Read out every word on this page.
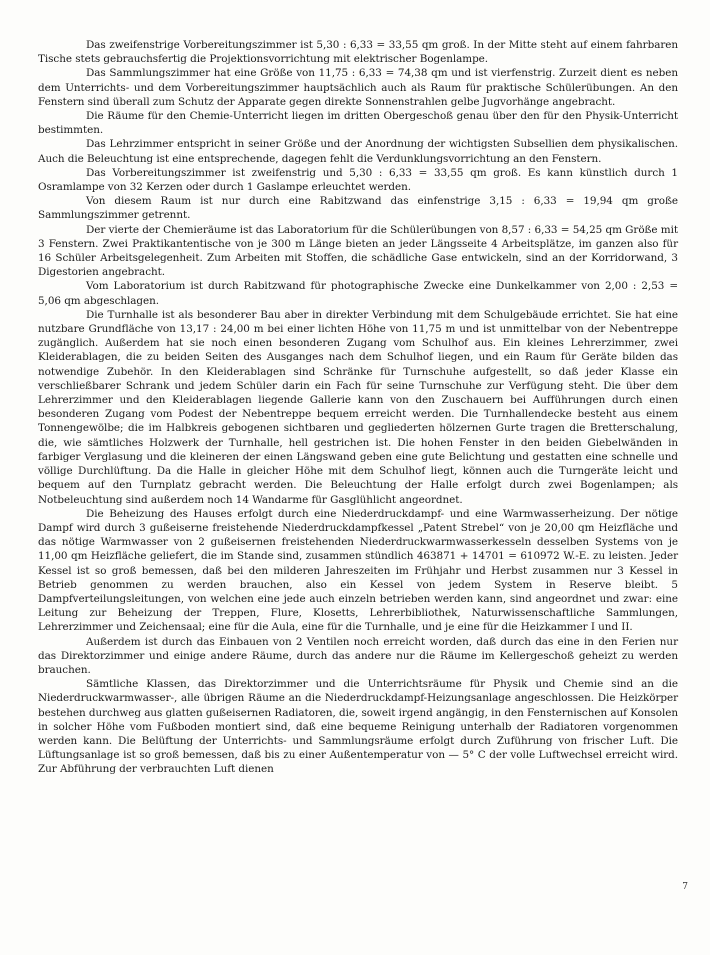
Das zweifenstrige Vorbereitungszimmer ist 5,30 : 6,33 = 33,55 qm groß. In der Mitte steht auf einem fahrbaren Tische stets gebrauchsfertig die Projektionsvorrichtung mit elektrischer Bogenlampe.

Das Sammlungszimmer hat eine Größe von 11,75 : 6,33 = 74,38 qm und ist vierfenstrig. Zurzeit dient es neben dem Unterrichts- und dem Vorbereitungszimmer hauptsächlich auch als Raum für praktische Schülerübungen. An den Fenstern sind überall zum Schutz der Apparate gegen direkte Sonnenstrahlen gelbe Jugvorhänge angebracht.

Die Räume für den Chemie-Unterricht liegen im dritten Obergeschoß genau über den für den Physik-Unterricht bestimmten.

Das Lehrzimmer entspricht in seiner Größe und der Anordnung der wichtigsten Subsellien dem physikalischen. Auch die Beleuchtung ist eine entsprechende, dagegen fehlt die Verdunklungsvorrichtung an den Fenstern.

Das Vorbereitungszimmer ist zweifenstrig und 5,30 : 6,33 = 33,55 qm groß. Es kann künstlich durch 1 Osramlampe von 32 Kerzen oder durch 1 Gaslampe erleuchtet werden.

Von diesem Raum ist nur durch eine Rabitzwand das einfenstrige 3,15 : 6,33 = 19,94 qm große Sammlungszimmer getrennt.

Der vierte der Chemieräume ist das Laboratorium für die Schülerübungen von 8,57 : 6,33 = 54,25 qm Größe mit 3 Fenstern. Zwei Praktikantentische von je 300 m Länge bieten an jeder Längsseite 4 Arbeitsplätze, im ganzen also für 16 Schüler Arbeitsgelegenheit. Zum Arbeiten mit Stoffen, die schädliche Gase entwickeln, sind an der Korridorwand, 3 Digestorien angebracht.

Vom Laboratorium ist durch Rabitzwand für photographische Zwecke eine Dunkelkammer von 2,00 : 2,53 = 5,06 qm abgeschlagen.

Die Turnhalle ist als besonderer Bau aber in direkter Verbindung mit dem Schulgebäude errichtet. Sie hat eine nutzbare Grundfläche von 13,17 : 24,00 m bei einer lichten Höhe von 11,75 m und ist unmittelbar von der Nebentreppe zugänglich. Außerdem hat sie noch einen besonderen Zugang vom Schulhof aus. Ein kleines Lehrerzimmer, zwei Kleiderablagen, die zu beiden Seiten des Ausganges nach dem Schulhof liegen, und ein Raum für Geräte bilden das notwendige Zubehör. In den Kleiderablagen sind Schränke für Turnschuhe aufgestellt, so daß jeder Klasse ein verschließbarer Schrank und jedem Schüler darin ein Fach für seine Turnschuhe zur Verfügung steht. Die über dem Lehrerzimmer und den Kleiderablagen liegende Gallerie kann von den Zuschauern bei Aufführungen durch einen besonderen Zugang vom Podest der Nebentreppe bequem erreicht werden. Die Turnhallendecke besteht aus einem Tonnengewölbe; die im Halbkreis gebogenen sichtbaren und gegliederten hölzernen Gurte tragen die Bretterschalung, die, wie sämtliches Holzwerk der Turnhalle, hell gestrichen ist. Die hohen Fenster in den beiden Giebelwänden in farbiger Verglasung und die kleineren der einen Längswand geben eine gute Belichtung und gestatten eine schnelle und völlige Durchlüftung. Da die Halle in gleicher Höhe mit dem Schulhof liegt, können auch die Turngeräte leicht und bequem auf den Turnplatz gebracht werden. Die Beleuchtung der Halle erfolgt durch zwei Bogenlampen; als Notbeleuchtung sind außerdem noch 14 Wandarme für Gasglühlicht angeordnet.

Die Beheizung des Hauses erfolgt durch eine Niederdruckdampf- und eine Warmwasserheizung. Der nötige Dampf wird durch 3 gußeiserne freistehende Niederdruckdampfkessel „Patent Strebel“ von je 20,00 qm Heizfläche und das nötige Warmwasser von 2 gußeisernen freistehenden Niederdruckwarmwasserkesseln desselben Systems von je 11,00 qm Heizfläche geliefert, die im Stande sind, zusammen stündlich 463871 + 14701 = 610972 W.-E. zu leisten. Jeder Kessel ist so groß bemessen, daß bei den milderen Jahreszeiten im Frühjahr und Herbst zusammen nur 3 Kessel in Betrieb genommen zu werden brauchen, also ein Kessel von jedem System in Reserve bleibt. 5 Dampfverteilungsleitungen, von welchen eine jede auch einzeln betrieben werden kann, sind angeordnet und zwar: eine Leitung zur Beheizung der Treppen, Flure, Klosetts, Lehrerbibliothek, Naturwissenschaftliche Sammlungen, Lehrerzimmer und Zeichensaal; eine für die Aula, eine für die Turnhalle, und je eine für die Heizkammer I und II.

Außerdem ist durch das Einbauen von 2 Ventilen noch erreicht worden, daß durch das eine in den Ferien nur das Direktorzimmer und einige andere Räume, durch das andere nur die Räume im Kellergeschoß geheizt zu werden brauchen.

Sämtliche Klassen, das Direktorzimmer und die Unterrichtsräume für Physik und Chemie sind an die Niederdruckwarmwasser-, alle übrigen Räume an die Niederdruckdampf-Heizungsanlage angeschlossen. Die Heizkörper bestehen durchweg aus glatten gußeisernen Radiatoren, die, soweit irgend angängig, in den Fensternischen auf Konsolen in solcher Höhe vom Fußboden montiert sind, daß eine bequeme Reinigung unterhalb der Radiatoren vorgenommen werden kann. Die Belüftung der Unterrichts- und Sammlungsräume erfolgt durch Zuführung von frischer Luft. Die Lüftungsanlage ist so groß bemessen, daß bis zu einer Außentemperatur von — 5° C der volle Luftwechsel erreicht wird. Zur Abführung der verbrauchten Luft dienen

7
